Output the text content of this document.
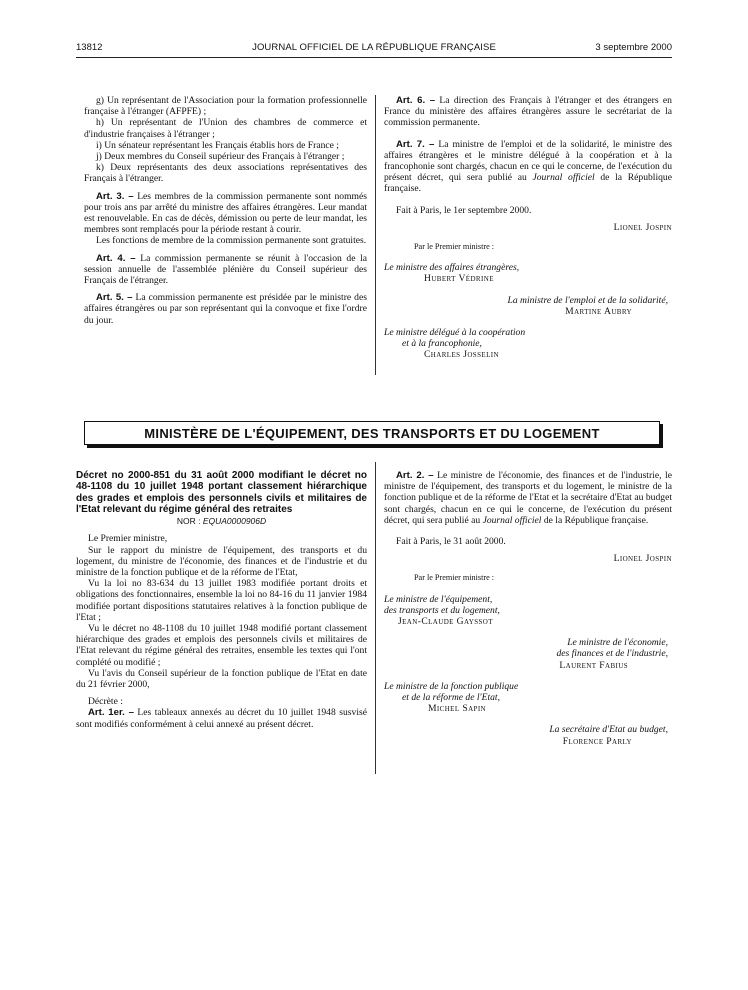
13812	JOURNAL OFFICIEL DE LA RÉPUBLIQUE FRANÇAISE	3 septembre 2000

g) Un représentant de l'Association pour la formation professionnelle française à l'étranger (AFPFE) ;

h) Un représentant de l'Union des chambres de commerce et d'industrie françaises à l'étranger ;

i) Un sénateur représentant les Français établis hors de France ;

j) Deux membres du Conseil supérieur des Français à l'étranger ;

k) Deux représentants des deux associations représentatives des Français à l'étranger.

Art. 3. – Les membres de la commission permanente sont nommés pour trois ans par arrêté du ministre des affaires étrangères. Leur mandat est renouvelable. En cas de décès, démission ou perte de leur mandat, les membres sont remplacés pour la période restant à courir.

Les fonctions de membre de la commission permanente sont gratuites.

Art. 4. – La commission permanente se réunit à l'occasion de la session annuelle de l'assemblée plénière du Conseil supérieur des Français de l'étranger.

Art. 5. – La commission permanente est présidée par le ministre des affaires étrangères ou par son représentant qui la convoque et fixe l'ordre du jour.

Art. 6. – La direction des Français à l'étranger et des étrangers en France du ministère des affaires étrangères assure le secrétariat de la commission permanente.

Art. 7. – La ministre de l'emploi et de la solidarité, le ministre des affaires étrangères et le ministre délégué à la coopération et à la francophonie sont chargés, chacun en ce qui le concerne, de l'exécution du présent décret, qui sera publié au Journal officiel de la République française.

Fait à Paris, le 1er septembre 2000.

Lionel Jospin

Par le Premier ministre :

Le ministre des affaires étrangères,

Hubert Védrine

La ministre de l'emploi et de la solidarité,

Martine Aubry

Le ministre délégué à la coopération

et à la francophonie,

Charles Josselin

MINISTÈRE DE L'ÉQUIPEMENT, DES TRANSPORTS ET DU LOGEMENT

Décret no 2000-851 du 31 août 2000 modifiant le décret no 48-1108 du 10 juillet 1948 portant classement hiérarchique des grades et emplois des personnels civils et militaires de l'Etat relevant du régime général des retraites

NOR : EQUA0000906D

Le Premier ministre,

Sur le rapport du ministre de l'équipement, des transports et du logement, du ministre de l'économie, des finances et de l'industrie et du ministre de la fonction publique et de la réforme de l'Etat,

Vu la loi no 83-634 du 13 juillet 1983 modifiée portant droits et obligations des fonctionnaires, ensemble la loi no 84-16 du 11 janvier 1984 modifiée portant dispositions statutaires relatives à la fonction publique de l'Etat ;

Vu le décret no 48-1108 du 10 juillet 1948 modifié portant classement hiérarchique des grades et emplois des personnels civils et militaires de l'Etat relevant du régime général des retraites, ensemble les textes qui l'ont complété ou modifié ;

Vu l'avis du Conseil supérieur de la fonction publique de l'Etat en date du 21 février 2000,

Décrète :

Art. 1er. – Les tableaux annexés au décret du 10 juillet 1948 susvisé sont modifiés conformément à celui annexé au présent décret.

Art. 2. – Le ministre de l'économie, des finances et de l'industrie, le ministre de l'équipement, des transports et du logement, le ministre de la fonction publique et de la réforme de l'Etat et la secrétaire d'Etat au budget sont chargés, chacun en ce qui le concerne, de l'exécution du présent décret, qui sera publié au Journal officiel de la République française.

Fait à Paris, le 31 août 2000.

Lionel Jospin

Par le Premier ministre :

Le ministre de l'équipement,

des transports et du logement,

Jean-Claude Gayssot

Le ministre de l'économie,

des finances et de l'industrie,

Laurent Fabius

Le ministre de la fonction publique

et de la réforme de l'Etat,

Michel Sapin

La secrétaire d'Etat au budget,

Florence Parly
